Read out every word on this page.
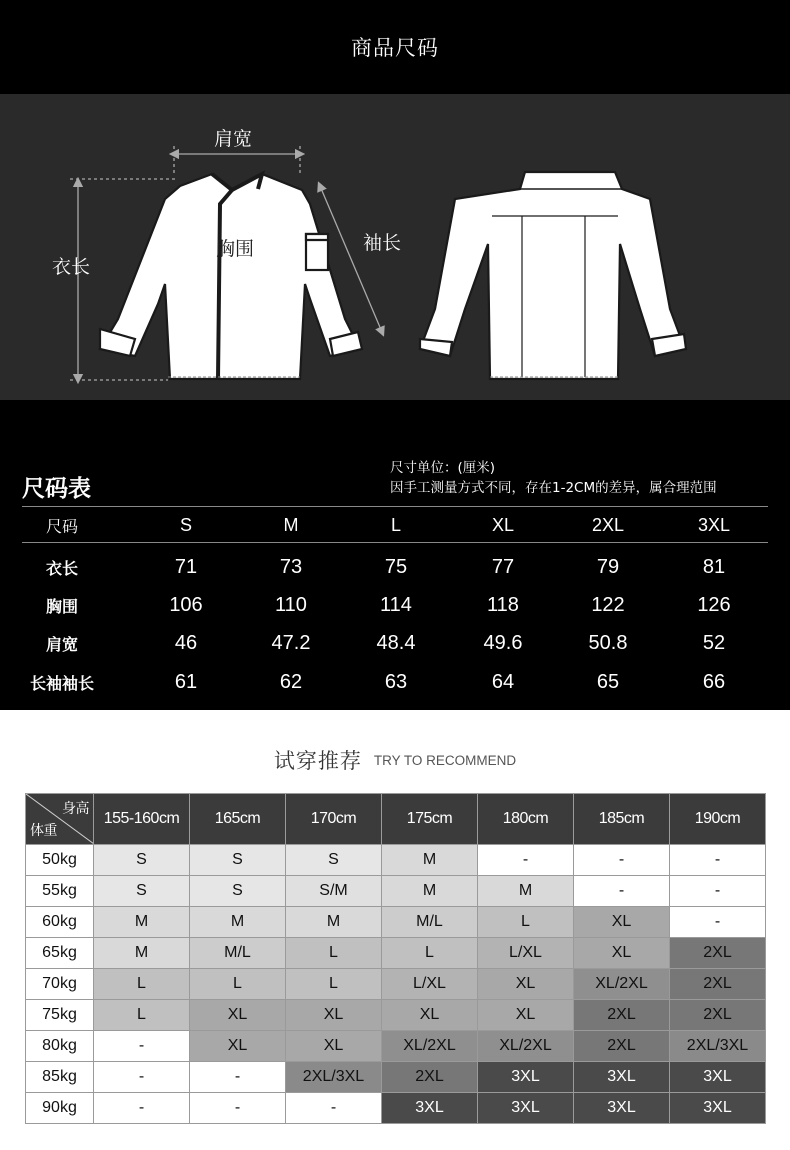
商品尺码
肩宽
衣长
胸围	袖长
尺码表
尺寸单位：(厘米)
因手工测量方式不同，存在1-2CM的差异，属合理范围
尺码	S	M	L	XL	2XL	3XL
衣长	71	73	75	77	79	81
胸围	106	110	114	118	122	126
肩宽	46	47.2	48.4	49.6	50.8	52
长袖袖长	61	62	63	64	65	66
试穿推荐 TRY TO RECOMMEND
身高
体重	155-160cm	165cm	170cm	175cm	180cm	185cm	190cm
50kg	S	S	S	M	-	-	-
55kg	S	S	S/M	M	M	-	-
60kg	M	M	M	M/L	L	XL	-
65kg	M	M/L	L	L	L/XL	XL	2XL
70kg	L	L	L	L/XL	XL	XL/2XL	2XL
75kg	L	XL	XL	XL	XL	2XL	2XL
80kg	-	XL	XL	XL/2XL	XL/2XL	2XL	2XL/3XL
85kg	-	-	2XL/3XL	2XL	3XL	3XL	3XL
90kg	-	-	-	3XL	3XL	3XL	3XL
